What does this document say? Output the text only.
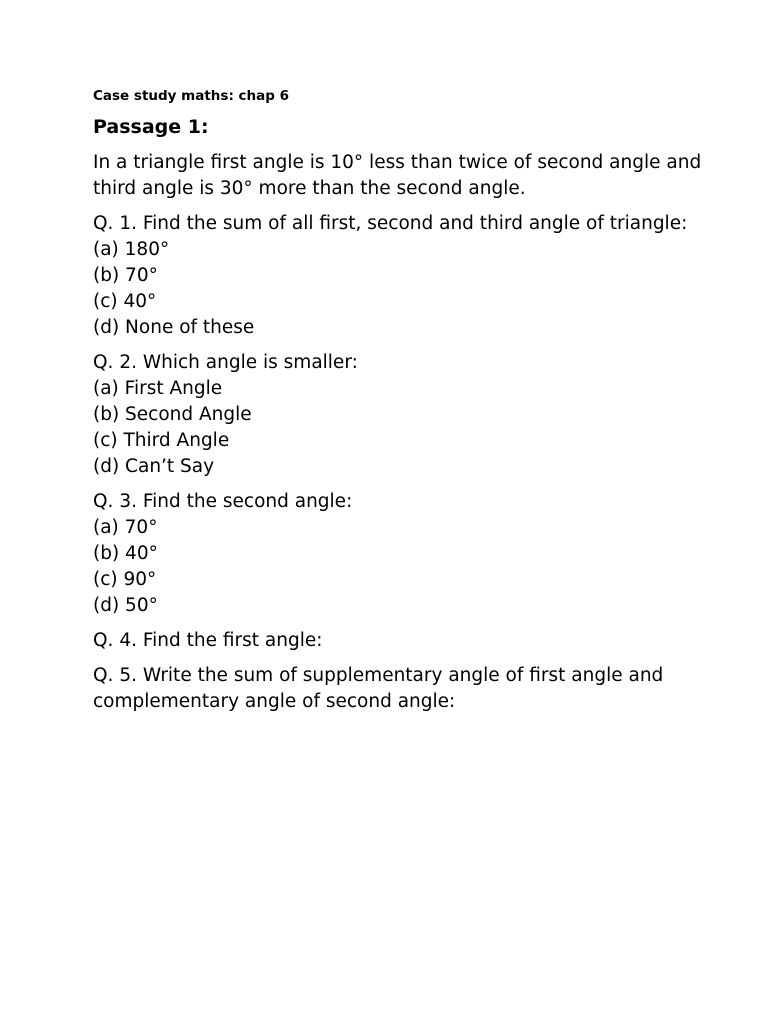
Case study maths: chap 6

Passage 1:

In a triangle first angle is 10° less than twice of second angle and third angle is 30° more than the second angle.

Q. 1. Find the sum of all first, second and third angle of triangle:
(a) 180°
(b) 70°
(c) 40°
(d) None of these
Q. 2. Which angle is smaller:
(a) First Angle
(b) Second Angle
(c) Third Angle
(d) Can’t Say
Q. 3. Find the second angle:
(a) 70°
(b) 40°
(c) 90°
(d) 50°
Q. 4. Find the first angle:
Q. 5. Write the sum of supplementary angle of first angle and complementary angle of second angle:
